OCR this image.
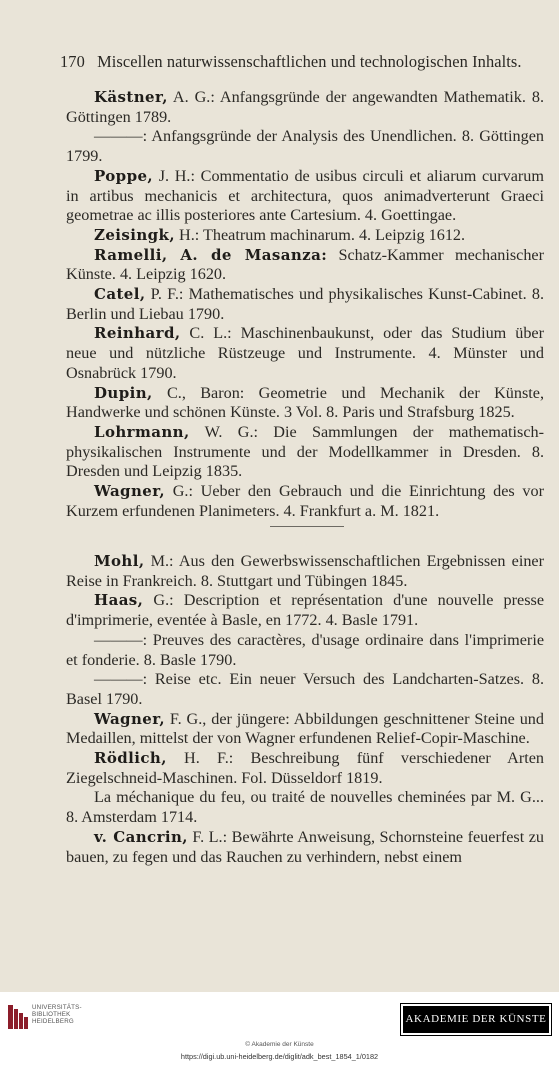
170 Miscellen naturwissenschaftlichen und technologischen Inhalts.
Kästner, A. G.: Anfangsgründe der angewandten Mathematik. 8. Göttingen 1789.
———: Anfangsgründe der Analysis des Unendlichen. 8. Göttingen 1799.
Poppe, J. H.: Commentatio de usibus circuli et aliarum curvarum in artibus mechanicis et architectura, quos animadverterunt Graeci geometrae ac illis posteriores ante Cartesium. 4. Goettingae.
Zeisingk, H.: Theatrum machinarum. 4. Leipzig 1612.
Ramelli, A. de Masanza: Schatz-Kammer mechanischer Künste. 4. Leipzig 1620.
Catel, P. F.: Mathematisches und physikalisches Kunst-Cabinet. 8. Berlin und Liebau 1790.
Reinhard, C. L.: Maschinenbaukunst, oder das Studium über neue und nützliche Rüstzeuge und Instrumente. 4. Münster und Osnabrück 1790.
Dupin, C., Baron: Geometrie und Mechanik der Künste, Handwerke und schönen Künste. 3 Vol. 8. Paris und Strafsburg 1825.
Lohrmann, W. G.: Die Sammlungen der mathematisch-physikalischen Instrumente und der Modellkammer in Dresden. 8. Dresden und Leipzig 1835.
Wagner, G.: Ueber den Gebrauch und die Einrichtung des vor Kurzem erfundenen Planimeters. 4. Frankfurt a. M. 1821.
Mohl, M.: Aus den Gewerbswissenschaftlichen Ergebnissen einer Reise in Frankreich. 8. Stuttgart und Tübingen 1845.
Haas, G.: Description et représentation d'une nouvelle presse d'imprimerie, eventée à Basle, en 1772. 4. Basle 1791.
———: Preuves des caractères, d'usage ordinaire dans l'imprimerie et fonderie. 8. Basle 1790.
———: Reise etc. Ein neuer Versuch des Landcharten-Satzes. 8. Basel 1790.
Wagner, F. G., der jüngere: Abbildungen geschnittener Steine und Medaillen, mittelst der von Wagner erfundenen Relief-Copir-Maschine.
Rödlich, H. F.: Beschreibung fünf verschiedener Arten Ziegelschneid-Maschinen. Fol. Düsseldorf 1819.
La méchanique du feu, ou traité de nouvelles cheminées par M. G... 8. Amsterdam 1714.
v. Cancrin, F. L.: Bewährte Anweisung, Schornsteine feuerfest zu bauen, zu fegen und das Rauchen zu verhindern, nebst einem
UNIVERSITÄTS-
BIBLIOTHEK
HEIDELBERG	AKADEMIE DER KÜNSTE
© Akademie der Künste
https://digi.ub.uni-heidelberg.de/diglit/adk_best_1854_1/0182
